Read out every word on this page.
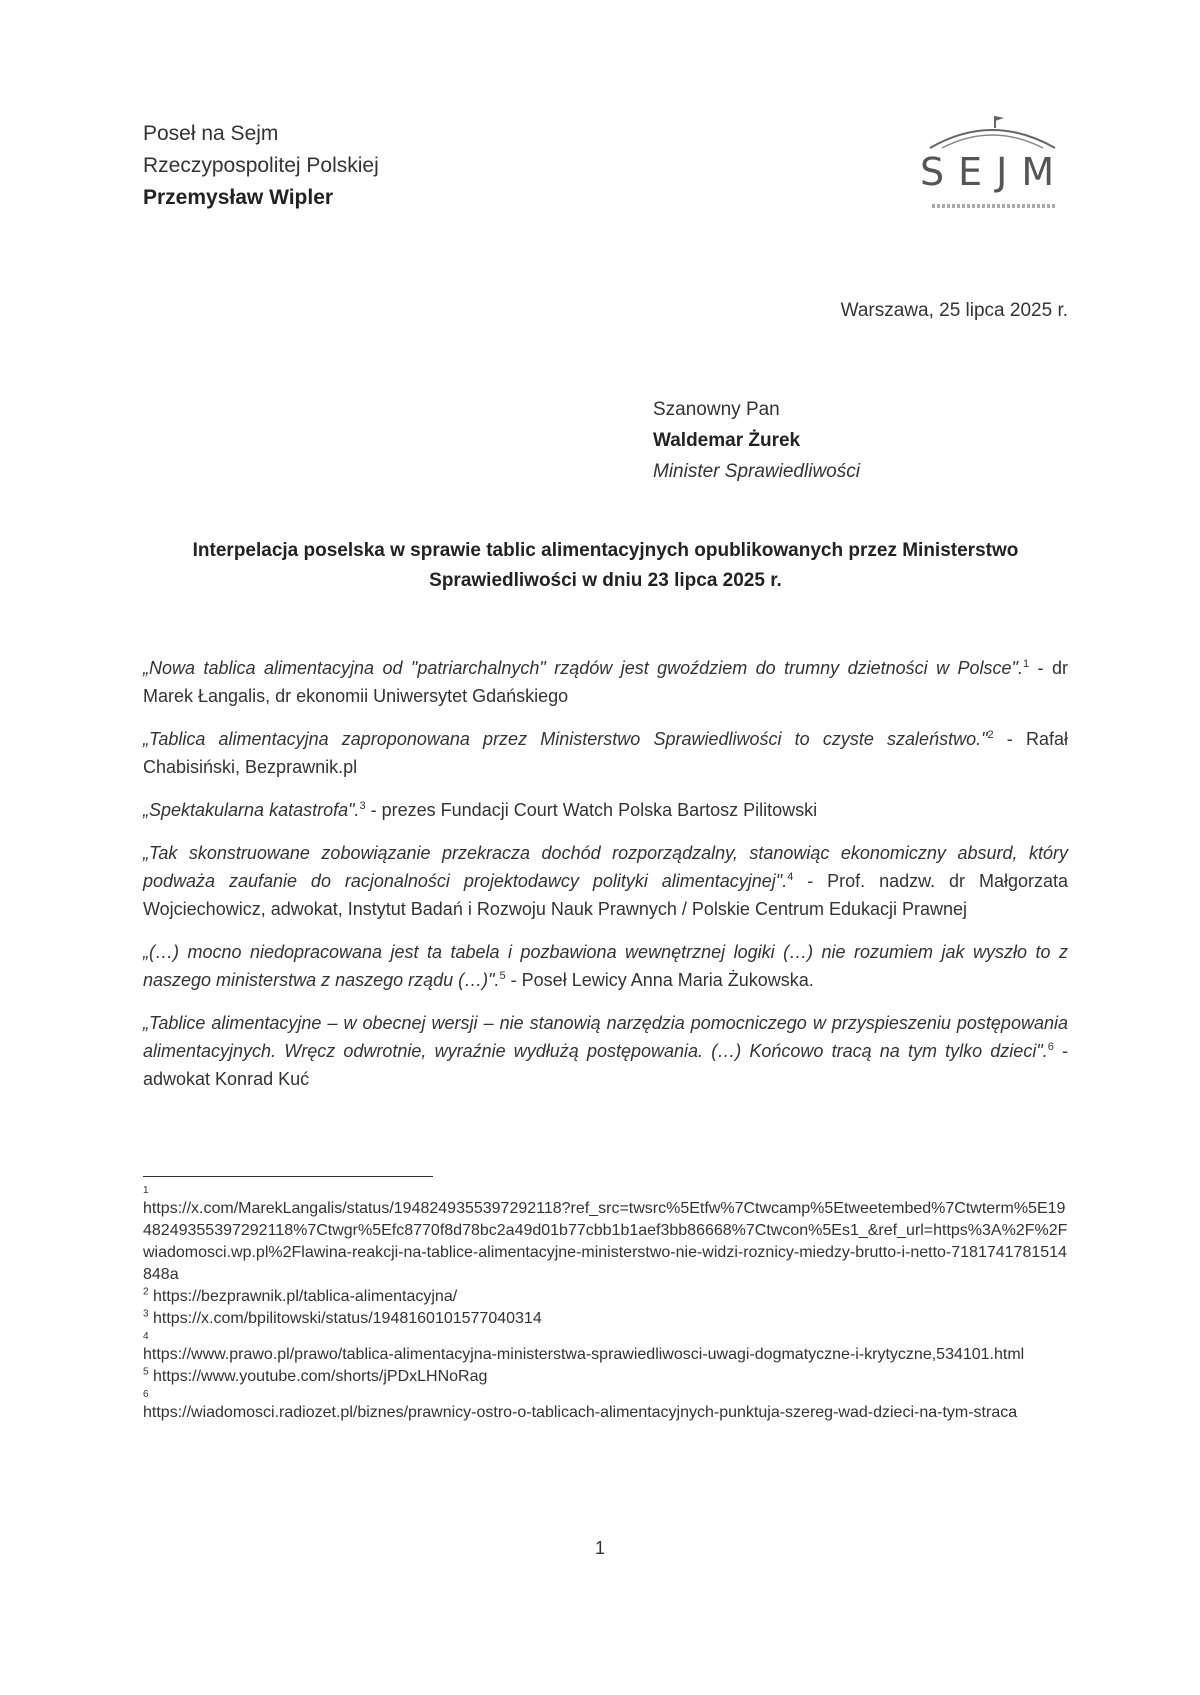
Poseł na Sejm
Rzeczypospolitej Polskiej
Przemysław Wipler
SEJM
Warszawa, 25 lipca 2025 r.
Szanowny Pan
Waldemar Żurek
Minister Sprawiedliwości
Interpelacja poselska w sprawie tablic alimentacyjnych opublikowanych przez Ministerstwo
Sprawiedliwości w dniu 23 lipca 2025 r.

„Nowa tablica alimentacyjna od "patriarchalnych" rządów jest gwoździem do trumny dzietności w Polsce".$^1$ - dr Marek Łangalis, dr ekonomii Uniwersytet Gdańskiego

„Tablica alimentacyjna zaproponowana przez Ministerstwo Sprawiedliwości to czyste szaleństwo."$^2$ - Rafał Chabisiński, Bezprawnik.pl

„Spektakularna katastrofa".$^3$ - prezes Fundacji Court Watch Polska Bartosz Pilitowski

„Tak skonstruowane zobowiązanie przekracza dochód rozporządzalny, stanowiąc ekonomiczny absurd, który podważa zaufanie do racjonalności projektodawcy polityki alimentacyjnej".$^4$ - Prof. nadzw. dr Małgorzata Wojciechowicz, adwokat, Instytut Badań i Rozwoju Nauk Prawnych / Polskie Centrum Edukacji Prawnej

„(…) mocno niedopracowana jest ta tabela i pozbawiona wewnętrznej logiki (…) nie rozumiem jak wyszło to z naszego ministerstwa z naszego rządu (…)".$^5$ - Poseł Lewicy Anna Maria Żukowska.

„Tablice alimentacyjne – w obecnej wersji – nie stanowią narzędzia pomocniczego w przyspieszeniu postępowania alimentacyjnych. Wręcz odwrotnie, wyraźnie wydłużą postępowania. (…) Końcowo tracą na tym tylko dzieci".$^6$ - adwokat Konrad Kuć

1
https://x.com/MarekLangalis/status/1948249355397292118?ref_src=twsrc%5Etfw%7Ctwcamp%5Etweetembed%7Ctwterm%5E1948249355397292118%7Ctwgr%5Efc8770f8d78bc2a49d01b77cbb1b1aef3bb86668%7Ctwcon%5Es1_&ref_url=https%3A%2F%2Fwiadomosci.wp.pl%2Flawina-reakcji-na-tablice-alimentacyjne-ministerstwo-nie-widzi-roznicy-miedzy-brutto-i-netto-7181741781514848a

$^2$ https://bezprawnik.pl/tablica-alimentacyjna/

$^3$ https://x.com/bpilitowski/status/1948160101577040314

4
https://www.prawo.pl/prawo/tablica-alimentacyjna-ministerstwa-sprawiedliwosci-uwagi-dogmatyczne-i-krytyczne,534101.html

$^5$ https://www.youtube.com/shorts/jPDxLHNoRag

6
https://wiadomosci.radiozet.pl/biznes/prawnicy-ostro-o-tablicach-alimentacyjnych-punktuja-szereg-wad-dzieci-na-tym-straca

1
